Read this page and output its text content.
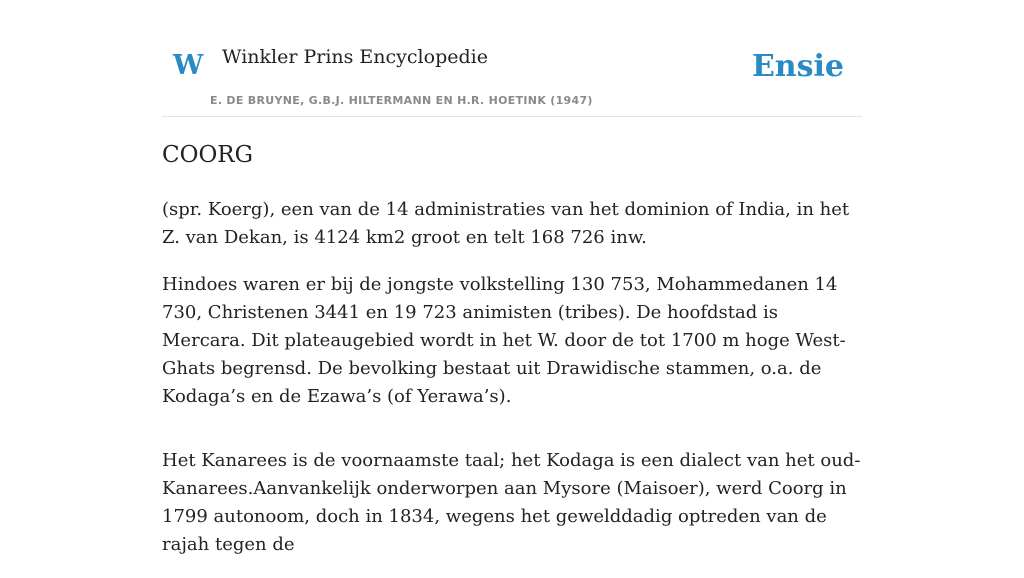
W Winkler Prins Encyclopedie
E. DE BRUYNE, G.B.J. HILTERMANN EN H.R. HOETINK (1947)
Ensie
COORG

(spr. Koerg), een van de 14 administraties van het dominion of India, in het Z. van Dekan, is 4124 km2 groot en telt 168 726 inw.

Hindoes waren er bij de jongste volkstelling 130 753, Mohammedanen 14 730, Christenen 3441 en 19 723 animisten (tribes). De hoofdstad is Mercara. Dit plateaugebied wordt in het W. door de tot 1700 m hoge West-Ghats begrensd. De bevolking bestaat uit Drawidische stammen, o.a. de Kodaga’s en de Ezawa’s (of Yerawa’s).

Het Kanarees is de voornaamste taal; het Kodaga is een dialect van het oud-Kanarees.Aanvankelijk onderworpen aan Mysore (Maisoer), werd Coorg in 1799 autonoom, doch in 1834, wegens het gewelddadig optreden van de rajah tegen de
